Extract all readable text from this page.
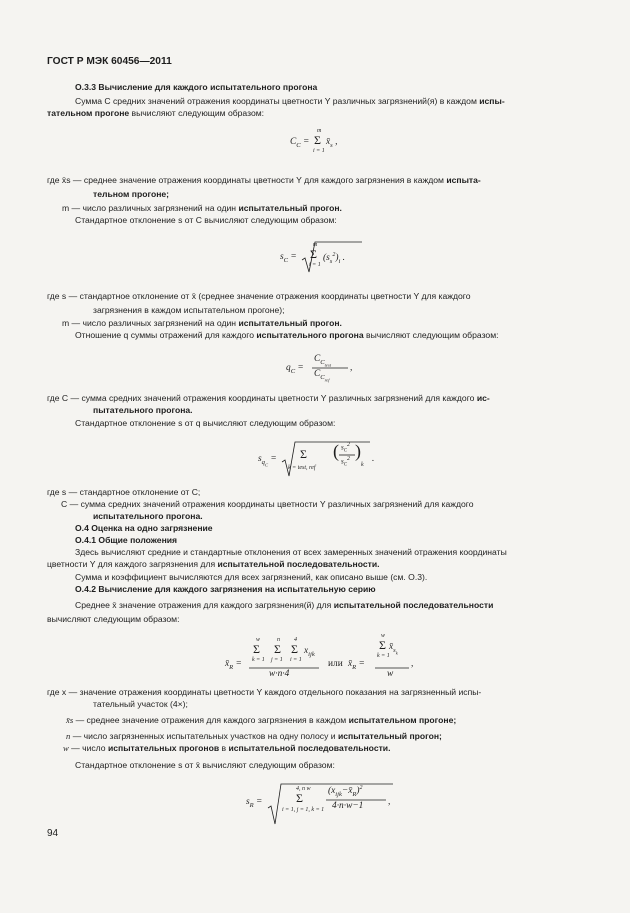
ГОСТ Р МЭК 60456—2011
О.3.3 Вычисление для каждого испытательного прогона
Сумма C средних значений отражения координаты цветности Y различных загрязнений(я) в каждом испы-
тательном прогоне вычисляют следующим образом:
$C_C$ =
m
Σ
i = 1
$x̄_s$ ,
где x̄s — среднее значение отражения координаты цветности Y для каждого загрязнения в каждом испыта-
тельном прогоне;
m — число различных загрязнений на один испытательный прогон.
Стандартное отклонение s от C вычисляют следующим образом:
$s_C$ =
m
Σ
i = 1
$(s_s^2)_i$ .
где s — стандартное отклонение от x̄ (среднее значение отражения координаты цветности Y для каждого
загрязнения в каждом испытательном прогоне);
m — число различных загрязнений на один испытательный прогон.
Отношение q суммы отражений для каждого испытательного прогона вычисляют следующим образом:
$q_C$ =
$C_{C_{test}}$
$C_{C_{ref}}$
,
где C — сумма средних значений отражения координаты цветности Y различных загрязнений для каждого ис-
пытательного прогона.
Стандартное отклонение s от q вычисляют следующим образом:
$s_{q_C} = \Sigma$
k = test, ref
( $s_C^2$
$s_C^2$ )
k
.
где s — стандартное отклонение от C;
C — сумма средних значений отражения координаты цветности Y различных загрязнений для каждого
испытательного прогона.
О.4 Оценка на одно загрязнение
О.4.1 Общие положения
Здесь вычисляют средние и стандартные отклонения от всех замеренных значений отражения координаты
цветности Y для каждого загрязнения для испытательной последовательности.
Сумма и коэффициент вычисляются для всех загрязнений, как описано выше (см. О.3).
О.4.2 Вычисление для каждого загрязнения на испытательную серию
Среднее x̄ значение отражения для каждого загрязнения(й) для испытательной последовательности
вычисляют следующим образом:
$x̄_R$ =
w
Σ
k = 1
n
Σ
j = 1
4
Σ
i = 1
$x_{ijk}$
w·n·4
или $x̄_R$ =
w
Σ
k = 1
$x̄_{s_k}$
w
,
где x — значение отражения координаты цветности Y каждого отдельного показания на загрязненный испы-
тательный участок (4×);
x̄s — среднее значение отражения для каждого загрязнения в каждом испытательном прогоне;
n — число загрязненных испытательных участков на одну полосу и испытательный прогон;
w — число испытательных прогонов в испытательной последовательности.
Стандартное отклонение s от x̄ вычисляют следующим образом:
$s_R$ =
4, n w
Σ
i = 1, j = 1, k = 1
$(x_{ijk}-x̄_R)^2$
4·n·w−1	,
94
